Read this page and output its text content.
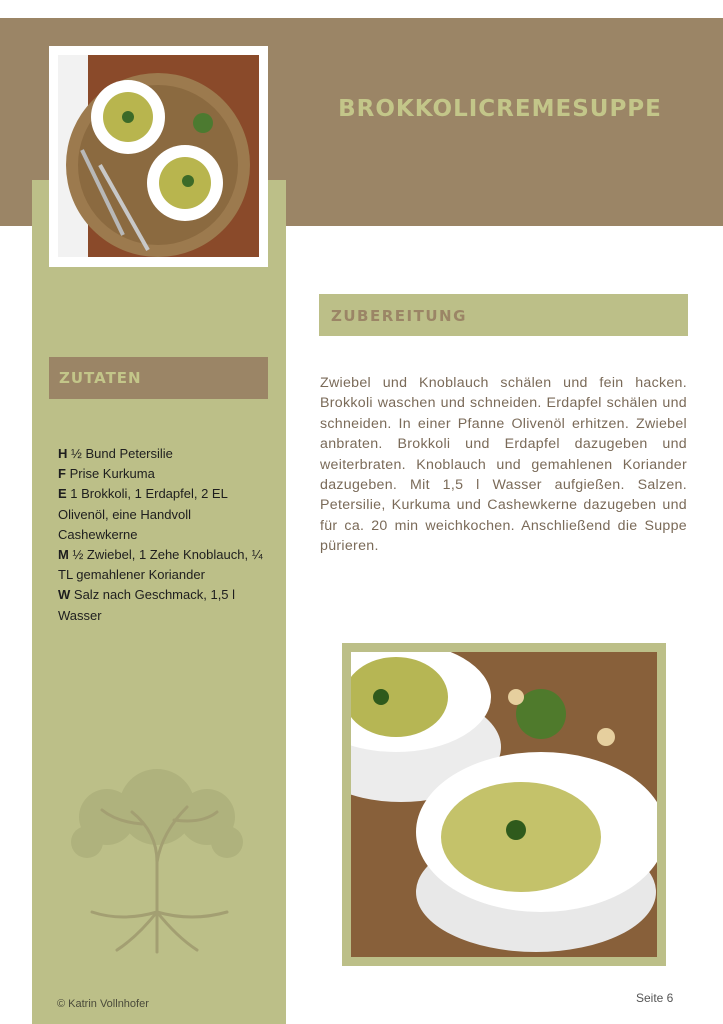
BROKKOLICREMESUPPE
ZUTATEN

H ½ Bund Petersilie

F Prise Kurkuma

E 1 Brokkoli, 1 Erdapfel, 2 EL Olivenöl, eine Handvoll Cashewkerne

M ½ Zwiebel, 1 Zehe Knoblauch, ¼ TL gemahlener Koriander

W Salz nach Geschmack, 1,5 l Wasser

© Katrin Vollnhofer
ZUBEREITUNG

Zwiebel und Knoblauch schälen und fein hacken. Brokkoli waschen und schneiden. Erdapfel schälen und schneiden. In einer Pfanne Olivenöl erhitzen. Zwiebel anbraten. Brokkoli und Erdapfel dazugeben und weiterbraten. Knoblauch und gemahlenen Koriander dazugeben. Mit 1,5 l Wasser aufgießen. Salzen. Petersilie, Kurkuma und Cashewkerne dazugeben und für ca. 20 min weichkochen. Anschließend die Suppe pürieren.

Seite 6
